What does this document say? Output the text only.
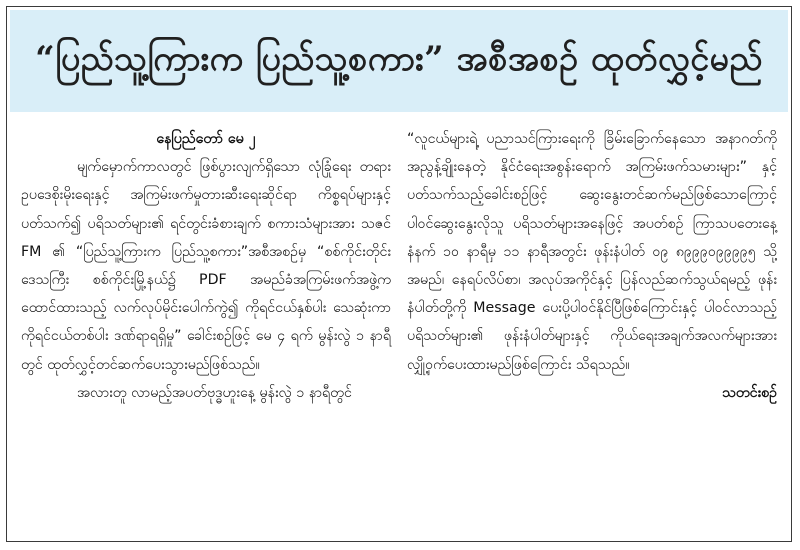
“ပြည်သူ့ကြားက ပြည်သူ့စကား” အစီအစဉ် ထုတ်လွှင့်မည်

နေပြည်တော် မေ ၂

မျက်မှောက်ကာလတွင် ဖြစ်ပွားလျက်ရှိသော လုံခြုံရေး တရားဥပဒေစိုးမိုးရေးနှင့် အကြမ်းဖက်မှုတားဆီးရေးဆိုင်ရာ ကိစ္စရပ်များနှင့်ပတ်သက်၍ ပရိသတ်များ၏ ရင်တွင်းခံစားချက် စကားသံများအား သဇင် FM ၏ “ပြည်သူ့ကြားက ပြည်သူ့စကား”အစီအစဉ်မှ “စစ်ကိုင်းတိုင်းဒေသကြီး စစ်ကိုင်းမြို့နယ်၌ PDF အမည်ခံအကြမ်းဖက်အဖွဲ့က ထောင်ထားသည့် လက်လုပ်မိုင်းပေါက်ကွဲ၍ ကိုရင်ငယ်နှစ်ပါး သေဆုံးကာ ကိုရင်ငယ်တစ်ပါး ဒဏ်ရာရရှိမှု” ခေါင်းစဉ်ဖြင့် မေ ၄ ရက် မွန်းလွဲ ၁ နာရီတွင် ထုတ်လွှင့်တင်ဆက်ပေးသွားမည်ဖြစ်သည်။

အလားတူ လာမည့်အပတ်ဗုဒ္ဓဟူးနေ့ မွန်းလွဲ ၁ နာရီတွင်

“လူငယ်များရဲ့ ပညာသင်ကြားရေးကို ခြိမ်းခြောက်နေသော အနာဂတ်ကို အညွန့်ချိုးနေတဲ့ နိုင်ငံရေးအစွန်းရောက် အကြမ်းဖက်သမားများ” နှင့်ပတ်သက်သည့်ခေါင်းစဉ်ဖြင့် ဆွေးနွေးတင်ဆက်မည်ဖြစ်သောကြောင့် ပါဝင်ဆွေးနွေးလိုသူ ပရိသတ်များအနေဖြင့် အပတ်စဉ် ကြာသပတေးနေ့ နံနက် ၁၀ နာရီမှ ၁၁ နာရီအတွင်း ဖုန်းနံပါတ် ၀၉ ၈၉၉၉၀၉၉၉၉၅ သို့ အမည်၊ နေရပ်လိပ်စာ၊ အလုပ်အကိုင်နှင့် ပြန်လည်ဆက်သွယ်ရမည့် ဖုန်းနံပါတ်တို့ကို Message ပေးပို့ပါဝင်နိုင်ပြီဖြစ်ကြောင်းနှင့် ပါဝင်လာသည့်ပရိသတ်များ၏ ဖုန်းနံပါတ်များနှင့် ကိုယ်ရေးအချက်အလက်များအား လျှို့ဝှက်ပေးထားမည်ဖြစ်ကြောင်း သိရသည်။

သတင်းစဉ်
